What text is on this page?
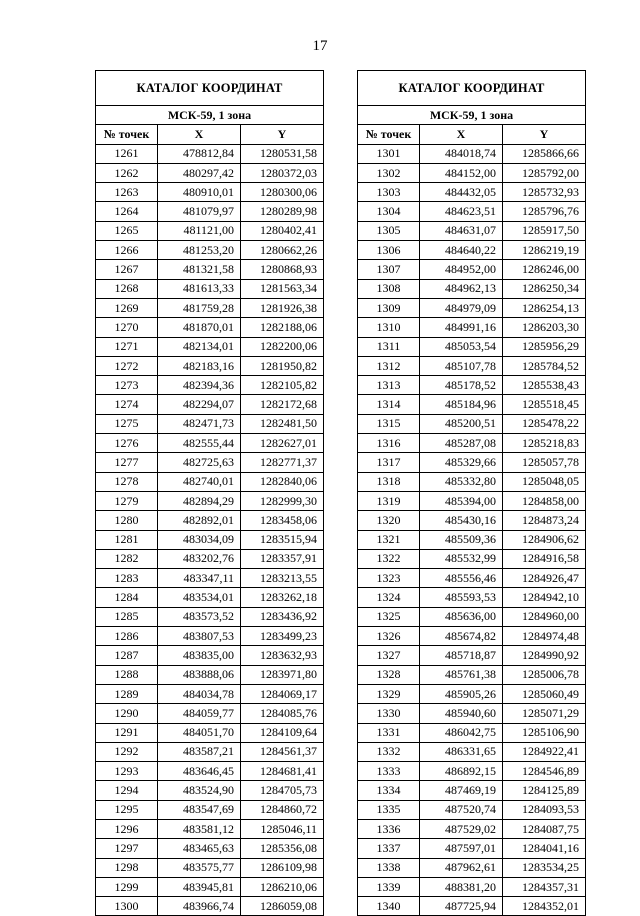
17
КАТАЛОГ КООРДИНАТ		
МСК-59, 1 зона		
№ точек	X	Y
1261	478812,84	1280531,58
1262	480297,42	1280372,03
1263	480910,01	1280300,06
1264	481079,97	1280289,98
1265	481121,00	1280402,41
1266	481253,20	1280662,26
1267	481321,58	1280868,93
1268	481613,33	1281563,34
1269	481759,28	1281926,38
1270	481870,01	1282188,06
1271	482134,01	1282200,06
1272	482183,16	1281950,82
1273	482394,36	1282105,82
1274	482294,07	1282172,68
1275	482471,73	1282481,50
1276	482555,44	1282627,01
1277	482725,63	1282771,37
1278	482740,01	1282840,06
1279	482894,29	1282999,30
1280	482892,01	1283458,06
1281	483034,09	1283515,94
1282	483202,76	1283357,91
1283	483347,11	1283213,55
1284	483534,01	1283262,18
1285	483573,52	1283436,92
1286	483807,53	1283499,23
1287	483835,00	1283632,93
1288	483888,06	1283971,80
1289	484034,78	1284069,17
1290	484059,77	1284085,76
1291	484051,70	1284109,64
1292	483587,21	1284561,37
1293	483646,45	1284681,41
1294	483524,90	1284705,73
1295	483547,69	1284860,72
1296	483581,12	1285046,11
1297	483465,63	1285356,08
1298	483575,77	1286109,98
1299	483945,81	1286210,06
1300	483966,74	1286059,08
КАТАЛОГ КООРДИНАТ		
МСК-59, 1 зона		
№ точек	X	Y
1301	484018,74	1285866,66
1302	484152,00	1285792,00
1303	484432,05	1285732,93
1304	484623,51	1285796,76
1305	484631,07	1285917,50
1306	484640,22	1286219,19
1307	484952,00	1286246,00
1308	484962,13	1286250,34
1309	484979,09	1286254,13
1310	484991,16	1286203,30
1311	485053,54	1285956,29
1312	485107,78	1285784,52
1313	485178,52	1285538,43
1314	485184,96	1285518,45
1315	485200,51	1285478,22
1316	485287,08	1285218,83
1317	485329,66	1285057,78
1318	485332,80	1285048,05
1319	485394,00	1284858,00
1320	485430,16	1284873,24
1321	485509,36	1284906,62
1322	485532,99	1284916,58
1323	485556,46	1284926,47
1324	485593,53	1284942,10
1325	485636,00	1284960,00
1326	485674,82	1284974,48
1327	485718,87	1284990,92
1328	485761,38	1285006,78
1329	485905,26	1285060,49
1330	485940,60	1285071,29
1331	486042,75	1285106,90
1332	486331,65	1284922,41
1333	486892,15	1284546,89
1334	487469,19	1284125,89
1335	487520,74	1284093,53
1336	487529,02	1284087,75
1337	487597,01	1284041,16
1338	487962,61	1283534,25
1339	488381,20	1284357,31
1340	487725,94	1284352,01
